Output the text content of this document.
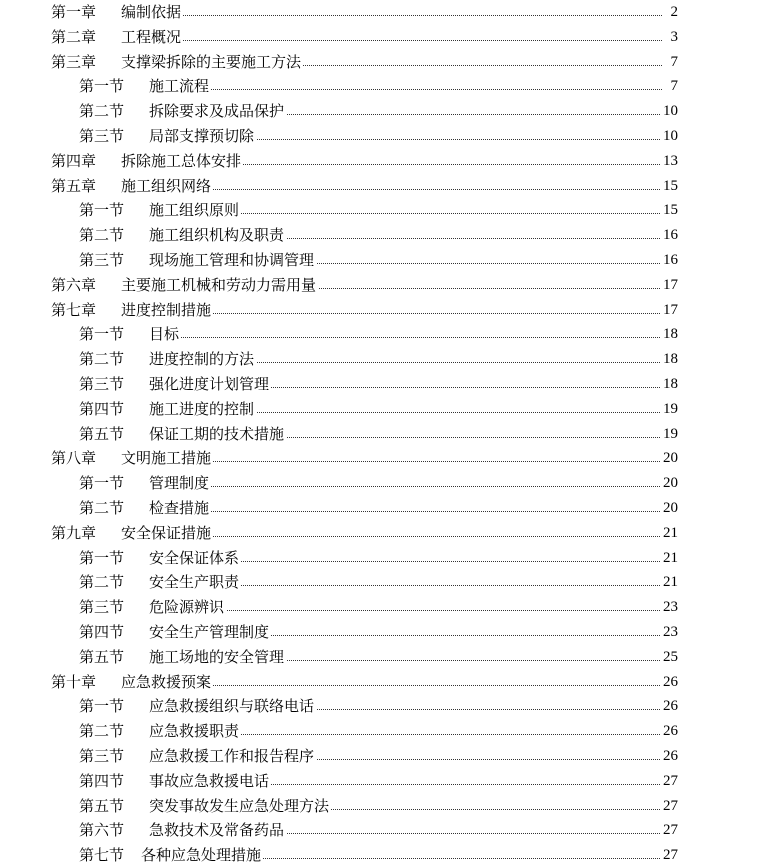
第一章 编制依据	2
第二章 工程概况	3
第三章 支撑梁拆除的主要施工方法	7
第一节 施工流程	7
第二节 拆除要求及成品保护	10
第三节 局部支撑预切除	10
第四章 拆除施工总体安排	13
第五章 施工组织网络	15
第一节 施工组织原则	15
第二节 施工组织机构及职责	16
第三节 现场施工管理和协调管理	16
第六章 主要施工机械和劳动力需用量	17
第七章 进度控制措施	17
第一节 目标	18
第二节 进度控制的方法	18
第三节 强化进度计划管理	18
第四节 施工进度的控制	19
第五节 保证工期的技术措施	19
第八章 文明施工措施	20
第一节 管理制度	20
第二节 检查措施	20
第九章 安全保证措施	21
第一节 安全保证体系	21
第二节 安全生产职责	21
第三节 危险源辨识	23
第四节 安全生产管理制度	23
第五节 施工场地的安全管理	25
第十章 应急救援预案	26
第一节 应急救援组织与联络电话	26
第二节 应急救援职责	26
第三节 应急救援工作和报告程序	26
第四节 事故应急救援电话	27
第五节 突发事故发生应急处理方法	27
第六节 急救技术及常备药品	27
第七节 各种应急处理措施	27
